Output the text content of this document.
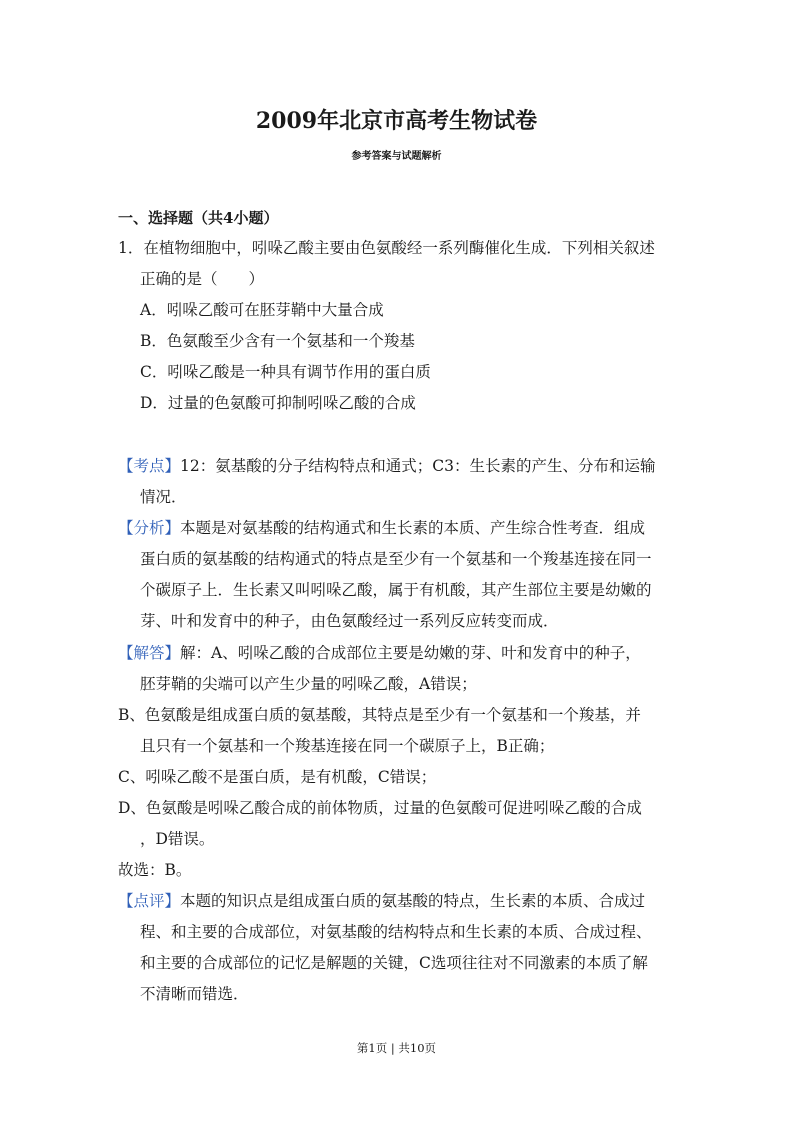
2009年北京市高考生物试卷
参考答案与试题解析
一、选择题（共4小题）
1．在植物细胞中，吲哚乙酸主要由色氨酸经一系列酶催化生成．下列相关叙述
正确的是（　　）
A．吲哚乙酸可在胚芽鞘中大量合成
B．色氨酸至少含有一个氨基和一个羧基
C．吲哚乙酸是一种具有调节作用的蛋白质
D．过量的色氨酸可抑制吲哚乙酸的合成
【考点】12：氨基酸的分子结构特点和通式；C3：生长素的产生、分布和运输
情况．
【分析】本题是对氨基酸的结构通式和生长素的本质、产生综合性考查．组成
蛋白质的氨基酸的结构通式的特点是至少有一个氨基和一个羧基连接在同一
个碳原子上．生长素又叫吲哚乙酸，属于有机酸，其产生部位主要是幼嫩的
芽、叶和发育中的种子，由色氨酸经过一系列反应转变而成．
【解答】解：A、吲哚乙酸的合成部位主要是幼嫩的芽、叶和发育中的种子，
胚芽鞘的尖端可以产生少量的吲哚乙酸，A错误；
B、色氨酸是组成蛋白质的氨基酸，其特点是至少有一个氨基和一个羧基，并
且只有一个氨基和一个羧基连接在同一个碳原子上，B正确；
C、吲哚乙酸不是蛋白质，是有机酸，C错误；
D、色氨酸是吲哚乙酸合成的前体物质，过量的色氨酸可促进吲哚乙酸的合成
，D错误。
故选：B。
【点评】本题的知识点是组成蛋白质的氨基酸的特点，生长素的本质、合成过
程、和主要的合成部位，对氨基酸的结构特点和生长素的本质、合成过程、
和主要的合成部位的记忆是解题的关键，C选项往往对不同激素的本质了解
不清晰而错选．
第1页 | 共10页
